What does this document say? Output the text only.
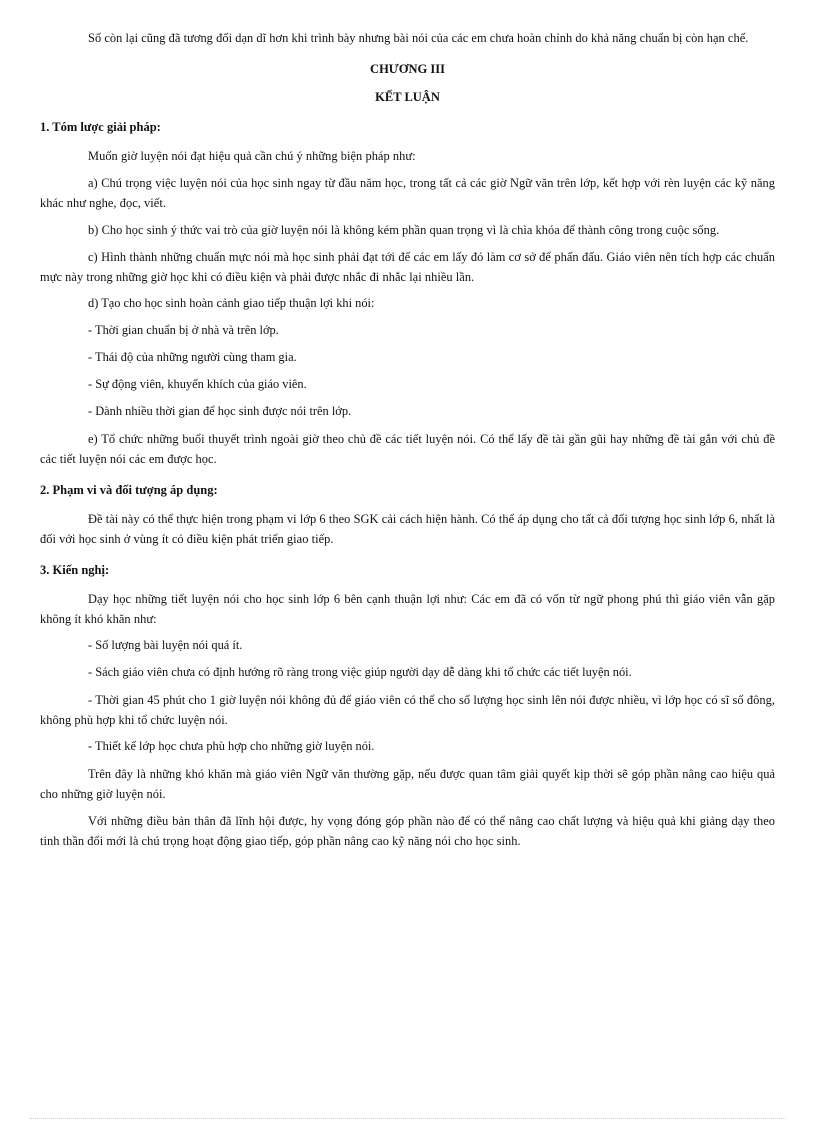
Số còn lại cũng đã tương đối dạn dĩ hơn khi trình bày nhưng bài nói của các em chưa hoàn chỉnh do khả năng chuẩn bị còn hạn chế.

CHƯƠNG III
KẾT LUẬN
1. Tóm lược giải pháp:

Muốn giờ luyện nói đạt hiệu quả cần chú ý những biện pháp như:

a) Chú trọng việc luyện nói của học sinh ngay từ đầu năm học, trong tất cả các giờ Ngữ văn trên lớp, kết hợp với rèn luyện các kỹ năng khác như nghe, đọc, viết.

b) Cho học sinh ý thức vai trò của giờ luyện nói là không kém phần quan trọng vì là chìa khóa để thành công trong cuộc sống.

c) Hình thành những chuẩn mực nói mà học sinh phải đạt tới để các em lấy đó làm cơ sở để phấn đấu. Giáo viên nên tích hợp các chuẩn mực này trong những giờ học khi có điều kiện và phải được nhắc đi nhắc lại nhiều lần.

d) Tạo cho học sinh hoàn cảnh giao tiếp thuận lợi khi nói:
- Thời gian chuẩn bị ở nhà và trên lớp.
- Thái độ của những người cùng tham gia.
- Sự động viên, khuyến khích của giáo viên.
- Dành nhiều thời gian để học sinh được nói trên lớp.

e) Tổ chức những buổi thuyết trình ngoài giờ theo chủ đề các tiết luyện nói. Có thể lấy đề tài gần gũi hay những đề tài gắn với chủ đề các tiết luyện nói các em được học.

2. Phạm vi và đối tượng áp dụng:

Đề tài này có thể thực hiện trong phạm vi lớp 6 theo SGK cải cách hiện hành. Có thể áp dụng cho tất cả đối tượng học sinh lớp 6, nhất là đối với học sinh ở vùng ít có điều kiện phát triển giao tiếp.

3. Kiến nghị:

Dạy học những tiết luyện nói cho học sinh lớp 6 bên cạnh thuận lợi như: Các em đã có vốn từ ngữ phong phú thì giáo viên vẫn gặp không ít khó khăn như:

- Số lượng bài luyện nói quá ít.
- Sách giáo viên chưa có định hướng rõ ràng trong việc giúp người dạy dễ dàng khi tổ chức các tiết luyện nói.

- Thời gian 45 phút cho 1 giờ luyện nói không đủ để giáo viên có thể cho số lượng học sinh lên nói được nhiều, vì lớp học có sĩ số đông, không phù hợp khi tổ chức luyện nói.

- Thiết kế lớp học chưa phù hợp cho những giờ luyện nói.

Trên đây là những khó khăn mà giáo viên Ngữ văn thường gặp, nếu được quan tâm giải quyết kịp thời sẽ góp phần nâng cao hiệu quả cho những giờ luyện nói.

Với những điều bản thân đã lĩnh hội được, hy vọng đóng góp phần nào để có thể nâng cao chất lượng và hiệu quả khi giảng dạy theo tinh thần đổi mới là chú trọng hoạt động giao tiếp, góp phần nâng cao kỹ năng nói cho học sinh.
